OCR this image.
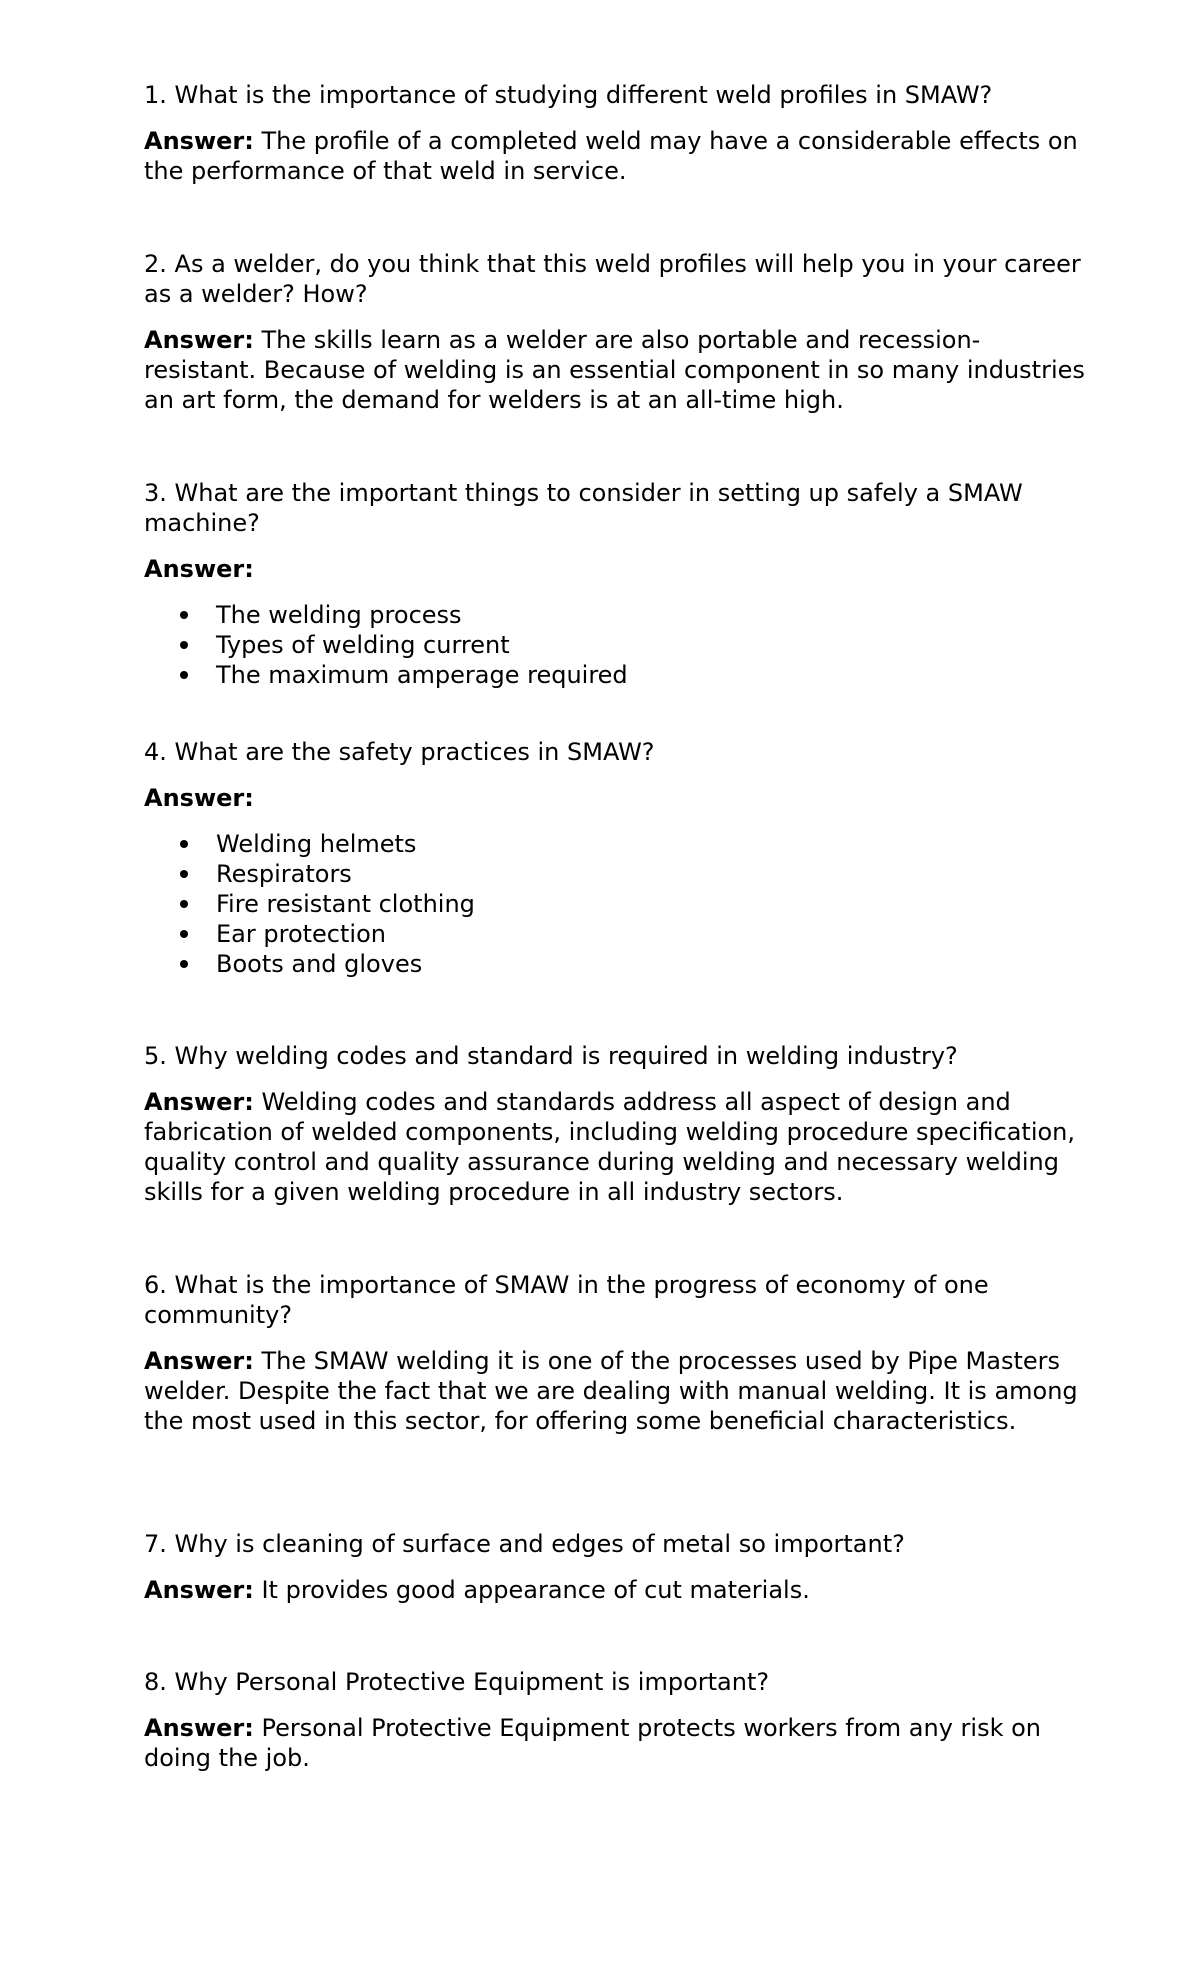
1. What is the importance of studying different weld profiles in SMAW?

Answer: The profile of a completed weld may have a considerable effects on the performance of that weld in service.

2. As a welder, do you think that this weld profiles will help you in your career as a welder? How?

Answer: The skills learn as a welder are also portable and recession-resistant. Because of welding is an essential component in so many industries an art form, the demand for welders is at an all-time high.

3. What are the important things to consider in setting up safely a SMAW machine?

Answer:

The welding process
Types of welding current
The maximum amperage required

4. What are the safety practices in SMAW?

Answer:

Welding helmets
Respirators
Fire resistant clothing
Ear protection
Boots and gloves

5. Why welding codes and standard is required in welding industry?

Answer: Welding codes and standards address all aspect of design and fabrication of welded components, including welding procedure specification, quality control and quality assurance during welding and necessary welding skills for a given welding procedure in all industry sectors.

6. What is the importance of SMAW in the progress of economy of one community?

Answer: The SMAW welding it is one of the processes used by Pipe Masters welder. Despite the fact that we are dealing with manual welding. It is among the most used in this sector, for offering some beneficial characteristics.

7. Why is cleaning of surface and edges of metal so important?

Answer: It provides good appearance of cut materials.

8. Why Personal Protective Equipment is important?

Answer: Personal Protective Equipment protects workers from any risk on doing the job.
